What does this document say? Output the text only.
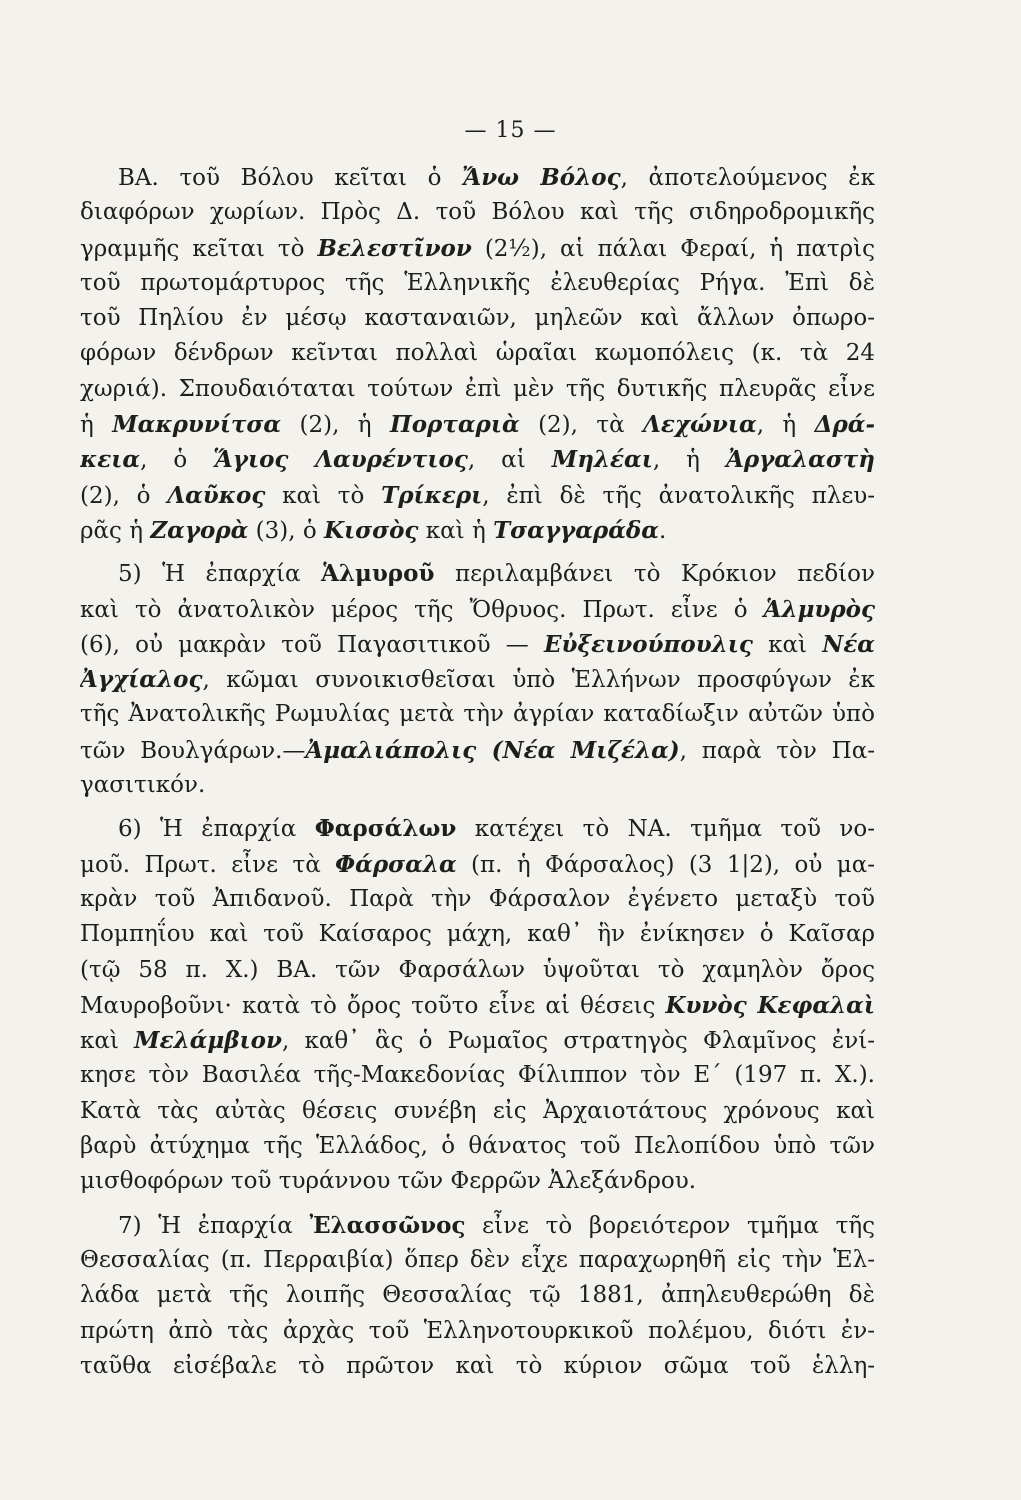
— 15 —
ΒΑ. τοῦ Βόλου κεῖται ὁ Ἄνω Βόλος, ἀποτελούμενος ἐκ
διαφόρων χωρίων. Πρὸς Δ. τοῦ Βόλου καὶ τῆς σιδηροδρομικῆς
γραμμῆς κεῖται τὸ Βελεστῖνον (2½), αἱ πάλαι Φεραί, ἡ πατρὶς
τοῦ πρωτομάρτυρος τῆς Ἑλληνικῆς ἐλευθερίας Ρήγα. Ἐπὶ δὲ
τοῦ Πηλίου ἐν μέσῳ κασταναιῶν, μηλεῶν καὶ ἄλλων ὀπωρο-
φόρων δένδρων κεῖνται πολλαὶ ὡραῖαι κωμοπόλεις (κ. τὰ 24
χωριά). Σπουδαιόταται τούτων ἐπὶ μὲν τῆς δυτικῆς πλευρᾶς εἶνε
ἡ Μακρυνίτσα (2), ἡ Πορταριὰ (2), τὰ Λεχώνια, ἡ Δρά-
κεια, ὁ Ἅγιος Λαυρέντιος, αἱ Μηλέαι, ἡ Ἀργαλαστὴ
(2), ὁ Λαῦκος καὶ τὸ Τρίκερι, ἐπὶ δὲ τῆς ἀνατολικῆς πλευ-
ρᾶς ἡ Ζαγορὰ (3), ὁ Κισσὸς καὶ ἡ Τσαγγαράδα.
5) Ἡ ἐπαρχία Ἁλμυροῦ περιλαμβάνει τὸ Κρόκιον πεδίον
καὶ τὸ ἀνατολικὸν μέρος τῆς Ὄθρυος. Πρωτ. εἶνε ὁ Ἁλμυρὸς
(6), οὐ μακρὰν τοῦ Παγασιτικοῦ — Εὐξεινούπουλις καὶ Νέα
Ἀγχίαλος, κῶμαι συνοικισθεῖσαι ὑπὸ Ἑλλήνων προσφύγων ἐκ
τῆς Ἀνατολικῆς Ρωμυλίας μετὰ τὴν ἀγρίαν καταδίωξιν αὐτῶν ὑπὸ
τῶν Βουλγάρων.—Ἀμαλιάπολις (Νέα Μιζέλα), παρὰ τὸν Πα-
γασιτικόν.
6) Ἡ ἐπαρχία Φαρσάλων κατέχει τὸ ΝΑ. τμῆμα τοῦ νο-
μοῦ. Πρωτ. εἶνε τὰ Φάρσαλα (π. ἡ Φάρσαλος) (3 1|2), οὐ μα-
κρὰν τοῦ Ἀπιδανοῦ. Παρὰ τὴν Φάρσαλον ἐγένετο μεταξὺ τοῦ
Πομπηΐου καὶ τοῦ Καίσαρος μάχη, καθ᾿ ἣν ἐνίκησεν ὁ Καῖσαρ
(τῷ 58 π. Χ.) ΒΑ. τῶν Φαρσάλων ὑψοῦται τὸ χαμηλὸν ὄρος
Μαυροβοῦνι· κατὰ τὸ ὄρος τοῦτο εἶνε αἱ θέσεις Κυνὸς Κεφαλαὶ
καὶ Μελάμβιον, καθ᾿ ἃς ὁ Ρωμαῖος στρατηγὸς Φλαμῖνος ἐνί-
κησε τὸν Βασιλέα τῆς-Μακεδονίας Φίλιππον τὸν Ε΄ (197 π. Χ.).
Κατὰ τὰς αὐτὰς θέσεις συνέβη εἰς Ἀρχαιοτάτους χρόνους καὶ
βαρὺ ἀτύχημα τῆς Ἑλλάδος, ὁ θάνατος τοῦ Πελοπίδου ὑπὸ τῶν
μισθοφόρων τοῦ τυράννου τῶν Φερρῶν Ἀλεξάνδρου.
7) Ἡ ἐπαρχία Ἐλασσῶνος εἶνε τὸ βορειότερον τμῆμα τῆς
Θεσσαλίας (π. Περραιβία) ὅπερ δὲν εἶχε παραχωρηθῆ εἰς τὴν Ἑλ-
λάδα μετὰ τῆς λοιπῆς Θεσσαλίας τῷ 1881, ἀπηλευθερώθη δὲ
πρώτη ἀπὸ τὰς ἀρχὰς τοῦ Ἑλληνοτουρκικοῦ πολέμου, διότι ἐν-
ταῦθα εἰσέβαλε τὸ πρῶτον καὶ τὸ κύριον σῶμα τοῦ ἑλλη-
